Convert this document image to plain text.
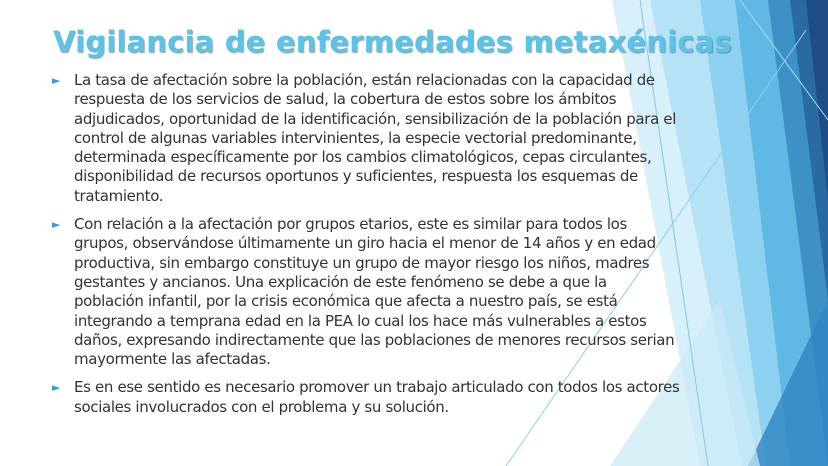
Vigilancia de enfermedades metaxénicas
► La tasa de afectación sobre la población, están relacionadas con la capacidad de respuesta de los servicios de salud, la cobertura de estos sobre los ámbitos adjudicados, oportunidad de la identificación, sensibilización de la población para el control de algunas variables intervinientes, la especie vectorial predominante, determinada específicamente por los cambios climatológicos, cepas circulantes, disponibilidad de recursos oportunos y suficientes, respuesta los esquemas de tratamiento.
► Con relación a la afectación por grupos etarios, este es similar para todos los grupos, observándose últimamente un giro hacia el menor de 14 años y en edad productiva, sin embargo constituye un grupo de mayor riesgo los niños, madres gestantes y ancianos. Una explicación de este fenómeno se debe a que la población infantil, por la crisis económica que afecta a nuestro país, se está integrando a temprana edad en la PEA lo cual los hace más vulnerables a estos daños, expresando indirectamente que las poblaciones de menores recursos serian mayormente las afectadas.
► Es en ese sentido es necesario promover un trabajo articulado con todos los actores sociales involucrados con el problema y su solución.
